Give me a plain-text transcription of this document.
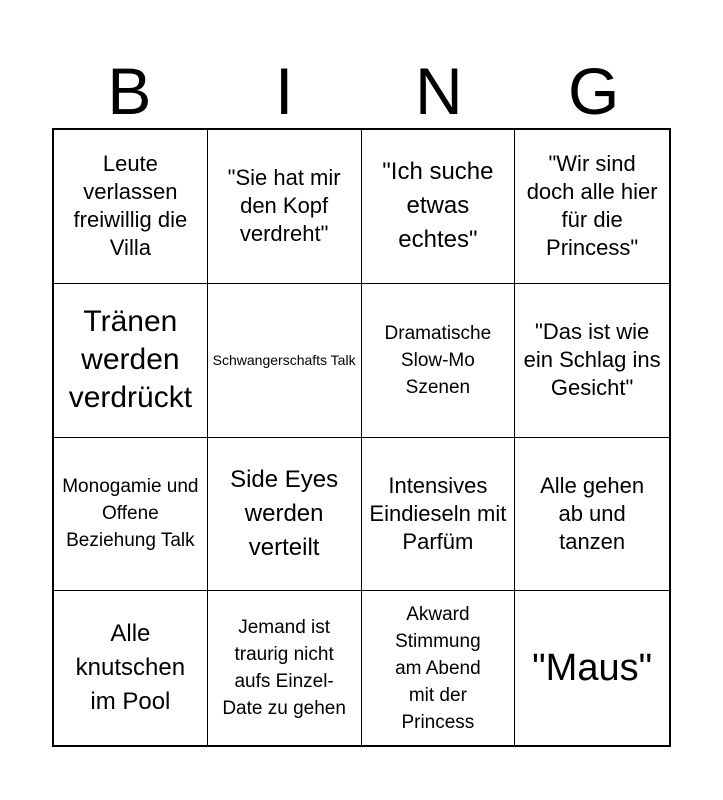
B	I	N	G
Leute verlassen freiwillig die Villa
"Sie hat mir den Kopf verdreht"
"Ich suche etwas echtes"
"Wir sind doch alle hier für die Princess"
Tränen werden verdrückt
Schwangerschafts Talk
Dramatische Slow-Mo Szenen
"Das ist wie ein Schlag ins Gesicht"
Monogamie und Offene Beziehung Talk
Side Eyes werden verteilt
Intensives Eindieseln mit Parfüm
Alle gehen ab und tanzen
Alle knutschen im Pool
Jemand ist traurig nicht aufs Einzel-Date zu gehen
Akward Stimmung am Abend mit der Princess
"Maus"
